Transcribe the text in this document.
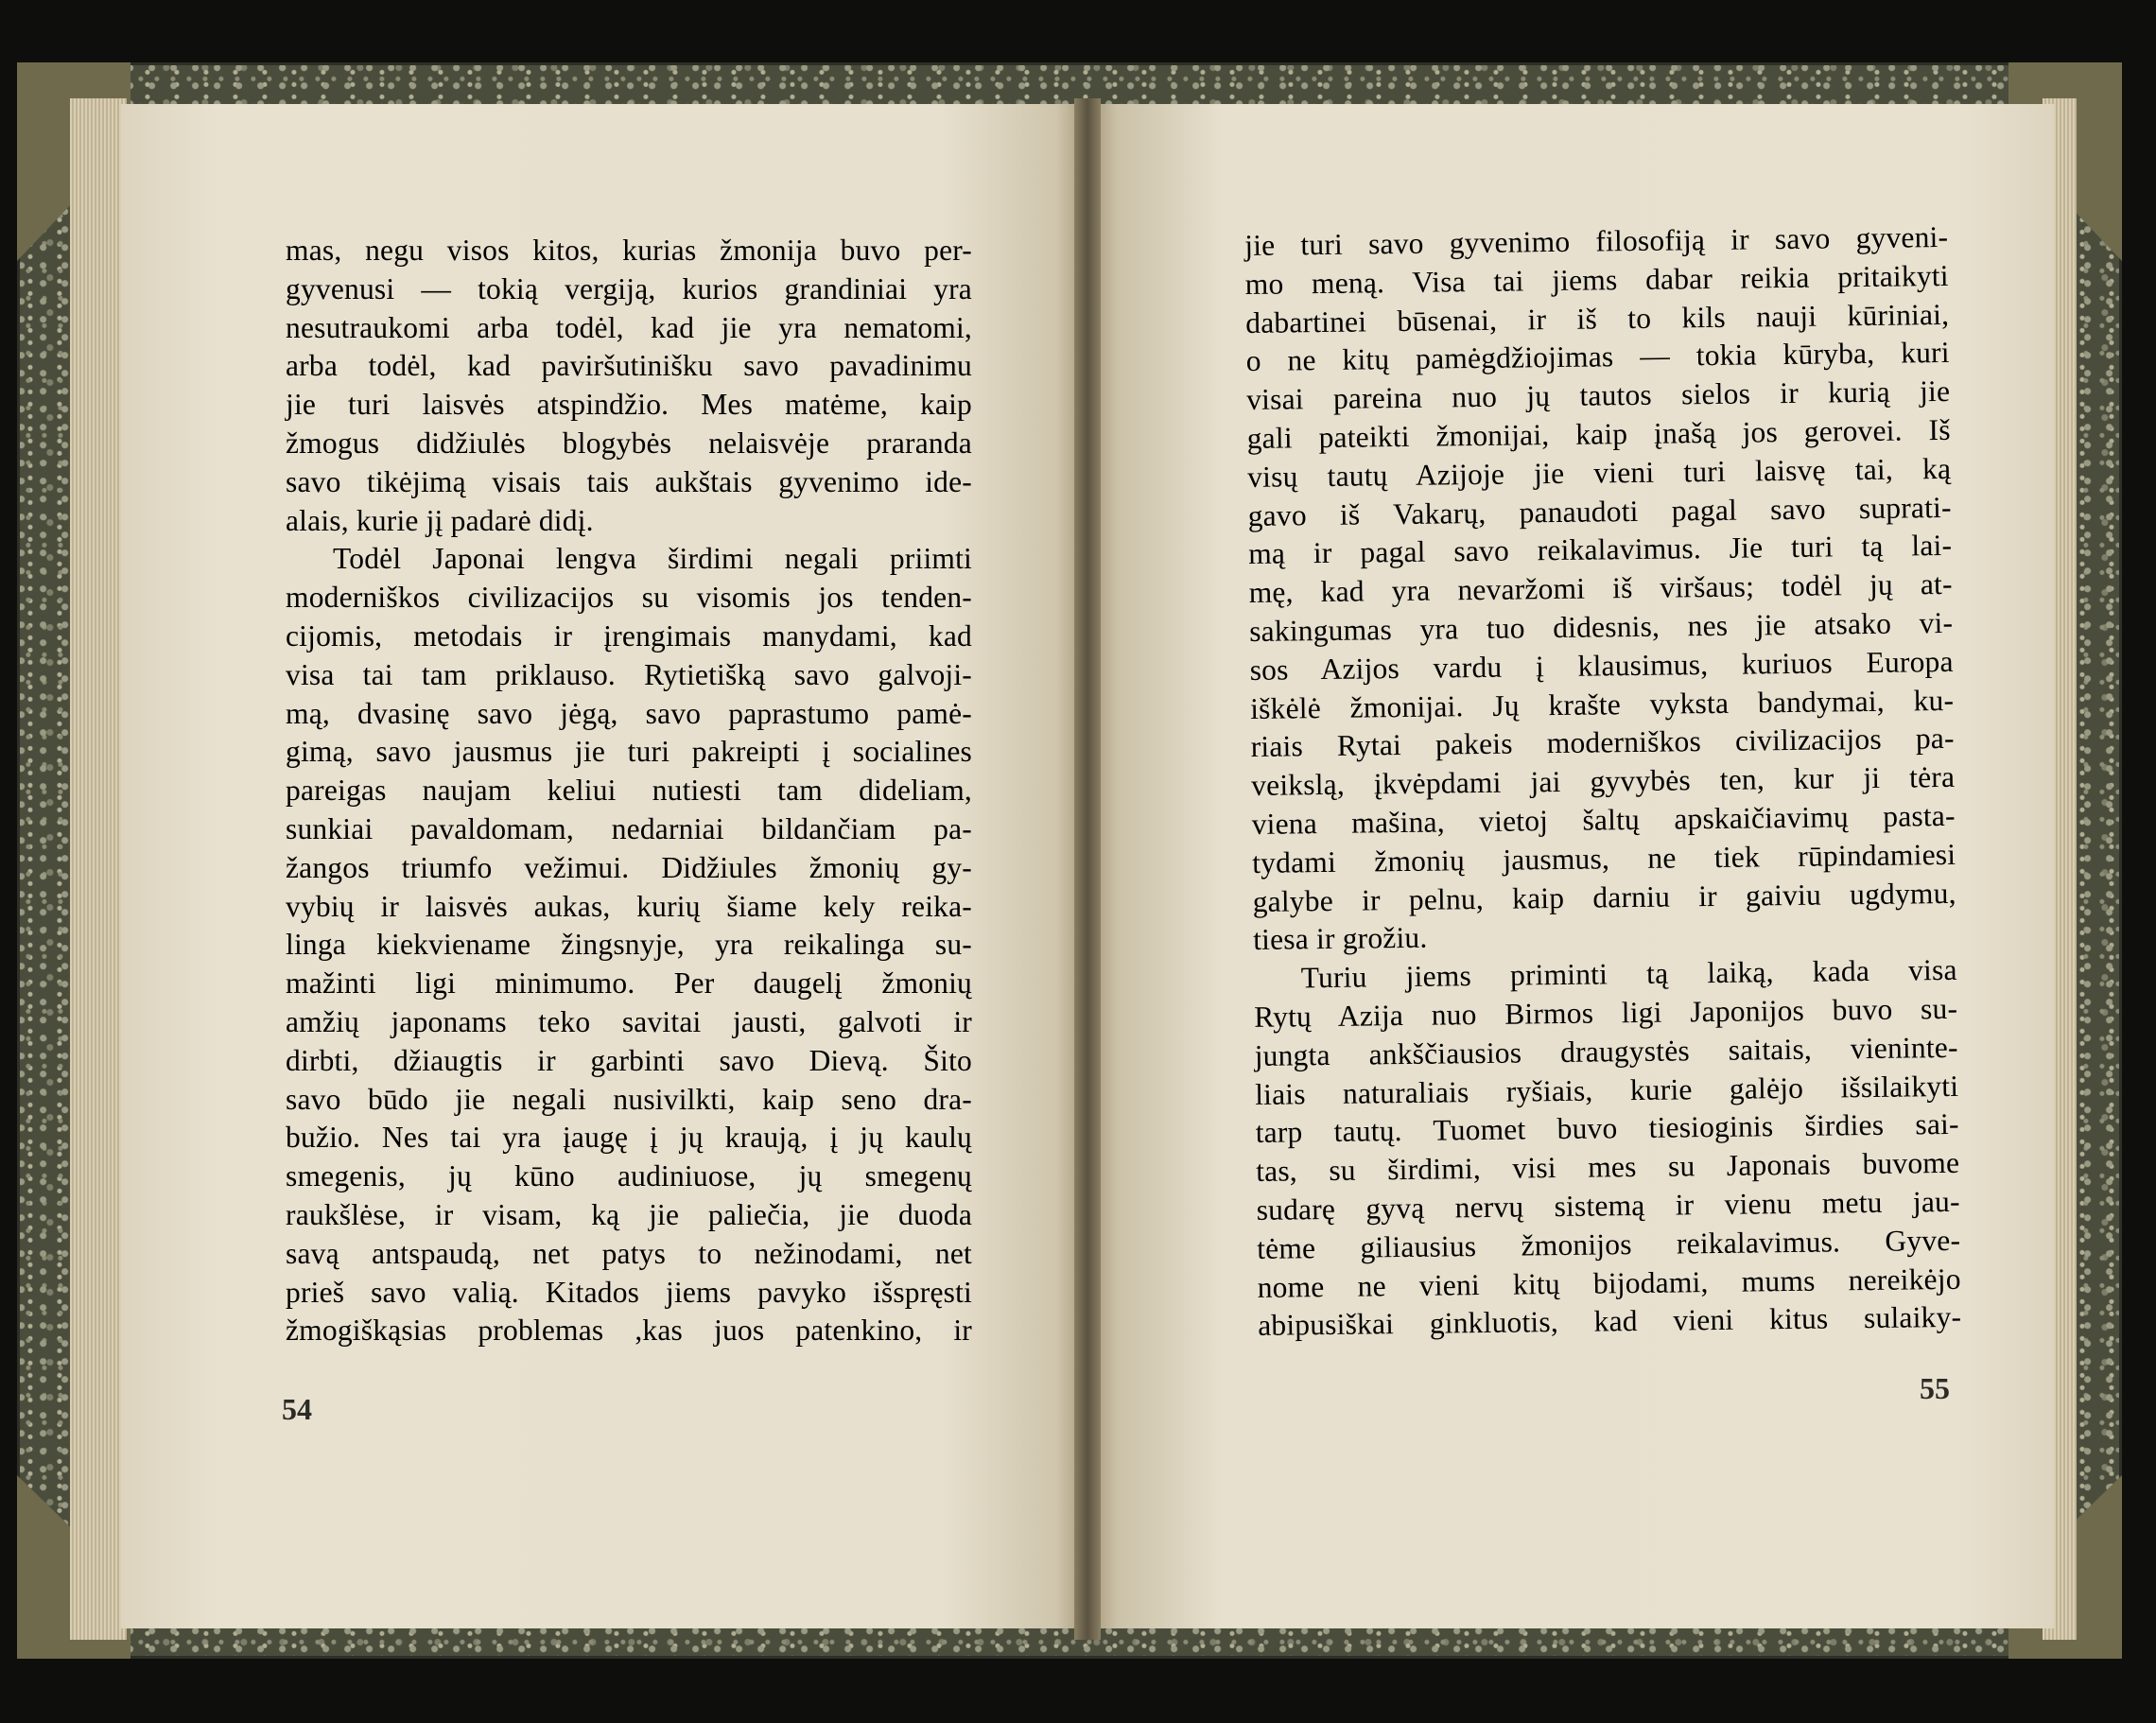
mas, negu visos kitos, kurias žmonija buvo per-
gyvenusi — tokią vergiją, kurios grandiniai yra
nesutraukomi arba todėl, kad jie yra nematomi,
arba todėl, kad paviršutinišku savo pavadinimu
jie turi laisvės atspindžio. Mes matėme, kaip
žmogus didžiulės blogybės nelaisvėje praranda
savo tikėjimą visais tais aukštais gyvenimo ide-
alais, kurie jį padarė didį.
Todėl Japonai lengva širdimi negali priimti
moderniškos civilizacijos su visomis jos tenden-
cijomis, metodais ir įrengimais manydami, kad
visa tai tam priklauso. Rytietišką savo galvoji-
mą, dvasinę savo jėgą, savo paprastumo pamė-
gimą, savo jausmus jie turi pakreipti į socialines
pareigas naujam keliui nutiesti tam dideliam,
sunkiai pavaldomam, nedarniai bildančiam pa-
žangos triumfo vežimui. Didžiules žmonių gy-
vybių ir laisvės aukas, kurių šiame kely reika-
linga kiekviename žingsnyje, yra reikalinga su-
mažinti ligi minimumo. Per daugelį žmonių
amžių japonams teko savitai jausti, galvoti ir
dirbti, džiaugtis ir garbinti savo Dievą. Šito
savo būdo jie negali nusivilkti, kaip seno dra-
bužio. Nes tai yra įaugę į jų kraują, į jų kaulų
smegenis, jų kūno audiniuose, jų smegenų
raukšlėse, ir visam, ką jie paliečia, jie duoda
savą antspaudą, net patys to nežinodami, net
prieš savo valią. Kitados jiems pavyko išspręsti
žmogiškąsias problemas ,kas juos patenkino, ir
jie turi savo gyvenimo filosofiją ir savo gyveni-
mo meną. Visa tai jiems dabar reikia pritaikyti
dabartinei būsenai, ir iš to kils nauji kūriniai,
o ne kitų pamėgdžiojimas — tokia kūryba, kuri
visai pareina nuo jų tautos sielos ir kurią jie
gali pateikti žmonijai, kaip įnašą jos gerovei. Iš
visų tautų Azijoje jie vieni turi laisvę tai, ką
gavo iš Vakarų, panaudoti pagal savo suprati-
mą ir pagal savo reikalavimus. Jie turi tą lai-
mę, kad yra nevaržomi iš viršaus; todėl jų at-
sakingumas yra tuo didesnis, nes jie atsako vi-
sos Azijos vardu į klausimus, kuriuos Europa
iškėlė žmonijai. Jų krašte vyksta bandymai, ku-
riais Rytai pakeis moderniškos civilizacijos pa-
veikslą, įkvėpdami jai gyvybės ten, kur ji tėra
viena mašina, vietoj šaltų apskaičiavimų pasta-
tydami žmonių jausmus, ne tiek rūpindamiesi
galybe ir pelnu, kaip darniu ir gaiviu ugdymu,
tiesa ir grožiu.
Turiu jiems priminti tą laiką, kada visa
Rytų Azija nuo Birmos ligi Japonijos buvo su-
jungta ankščiausios draugystės saitais, vieninte-
liais naturaliais ryšiais, kurie galėjo išsilaikyti
tarp tautų. Tuomet buvo tiesioginis širdies sai-
tas, su širdimi, visi mes su Japonais buvome
sudarę gyvą nervų sistemą ir vienu metu jau-
tėme giliausius žmonijos reikalavimus. Gyve-
nome ne vieni kitų bijodami, mums nereikėjo
abipusiškai ginkluotis, kad vieni kitus sulaiky-
54
55
